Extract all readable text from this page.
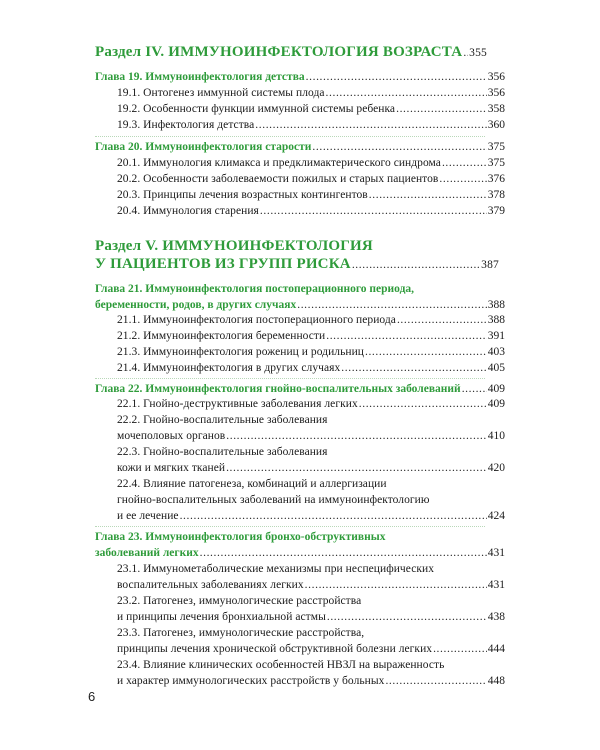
Раздел IV. ИММУНОИНФЕКТОЛОГИЯ ВОЗРАСТА ..... 355
Глава 19. Иммуноинфектология детства .....	356
19.1. Онтогенез иммунной системы плода .....	356
19.2. Особенности функции иммунной системы ребенка .....	358
19.3. Инфектология детства .....	360
Глава 20. Иммуноинфектология старости .....	375
20.1. Иммунология климакса и предклимактерического синдрома .....	375
20.2. Особенности заболеваемости пожилых и старых пациентов .....	376
20.3. Принципы лечения возрастных контингентов .....	378
20.4. Иммунология старения .....	379
Раздел V. ИММУНОИНФЕКТОЛОГИЯ
У ПАЦИЕНТОВ ИЗ ГРУПП РИСКА .....	387
Глава 21. Иммуноинфектология постоперационного периода,
беременности, родов, в других случаях .....	388
21.1. Иммуноинфектология постоперационного периода .....	388
21.2. Иммуноинфектология беременности .....	391
21.3. Иммуноинфектология рожениц и родильниц .....	403
21.4. Иммуноинфектология в других случаях .....	405
Глава 22. Иммуноинфектология гнойно-воспалительных заболеваний ..... 409
22.1. Гнойно-деструктивные заболевания легких .....	409
22.2. Гнойно-воспалительные заболевания
мочеполовых органов .....	410
22.3. Гнойно-воспалительные заболевания
кожи и мягких тканей .....	420
22.4. Влияние патогенеза, комбинаций и аллергизации
гнойно-воспалительных заболеваний на иммуноинфектологию
и ее лечение .....	424
Глава 23. Иммуноинфектология бронхо-обструктивных
заболеваний легких .....	431
23.1. Иммунометаболические механизмы при неспецифических
воспалительных заболеваниях легких .....	431
23.2. Патогенез, иммунологические расстройства
и принципы лечения бронхиальной астмы .....	438
23.3. Патогенез, иммунологические расстройства,
принципы лечения хронической обструктивной болезни легких .....	444
23.4. Влияние клинических особенностей НВЗЛ на выраженность
и характер иммунологических расстройств у больных .....	448
6
